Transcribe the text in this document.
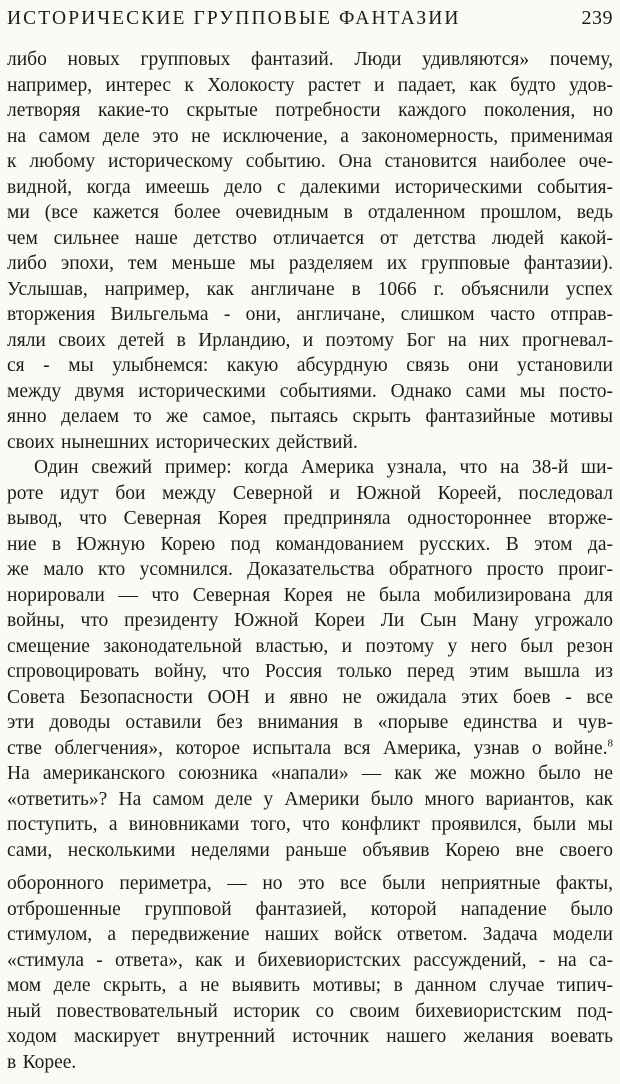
ИСТОРИЧЕСКИЕ ГРУППОВЫЕ ФАНТАЗИИ	239
либо новых групповых фантазий. Люди удивляются» почему,
например, интерес к Холокосту растет и падает, как будто удов-
летворяя какие-то скрытые потребности каждого поколения, но
на самом деле это не исключение, а закономерность, применимая
к любому историческому событию. Она становится наиболее оче-
видной, когда имеешь дело с далекими историческими события-
ми (все кажется более очевидным в отдаленном прошлом, ведь
чем сильнее наше детство отличается от детства людей какой-
либо эпохи, тем меньше мы разделяем их групповые фантазии).
Услышав, например, как англичане в 1066 г. объяснили успех
вторжения Вильгельма - они, англичане, слишком часто отправ-
ляли своих детей в Ирландию, и поэтому Бог на них прогневал-
ся - мы улыбнемся: какую абсурдную связь они установили
между двумя историческими событиями. Однако сами мы посто-
янно делаем то же самое, пытаясь скрыть фантазийные мотивы
своих нынешних исторических действий.
Один свежий пример: когда Америка узнала, что на 38-й ши-
роте идут бои между Северной и Южной Кореей, последовал
вывод, что Северная Корея предприняла одностороннее вторже-
ние в Южную Корею под командованием русских. В этом да-
же мало кто усомнился. Доказательства обратного просто проиг-
норировали — что Северная Корея не была мобилизирована для
войны, что президенту Южной Кореи Ли Сын Ману угрожало
смещение законодательной властью, и поэтому у него был резон
спровоцировать войну, что Россия только перед этим вышла из
Совета Безопасности ООН и явно не ожидала этих боев - все
эти доводы оставили без внимания в «порыве единства и чув-
стве облегчения», которое испытала вся Америка, узнав о войне.$^8$
На американского союзника «напали» — как же можно было не
«ответить»? На самом деле у Америки было много вариантов, как
поступить, а виновниками того, что конфликт проявился, были мы
сами, несколькими неделями раньше объявив Корею вне своего
оборонного периметра, — но это все были неприятные факты,
отброшенные групповой фантазией, которой нападение было
стимулом, а передвижение наших войск ответом. Задача модели
«стимула - ответа», как и бихевиористских рассуждений, - на са-
мом деле скрыть, а не выявить мотивы; в данном случае типич-
ный повествовательный историк со своим бихевиористским под-
ходом маскирует внутренний источник нашего желания воевать
в Корее.
